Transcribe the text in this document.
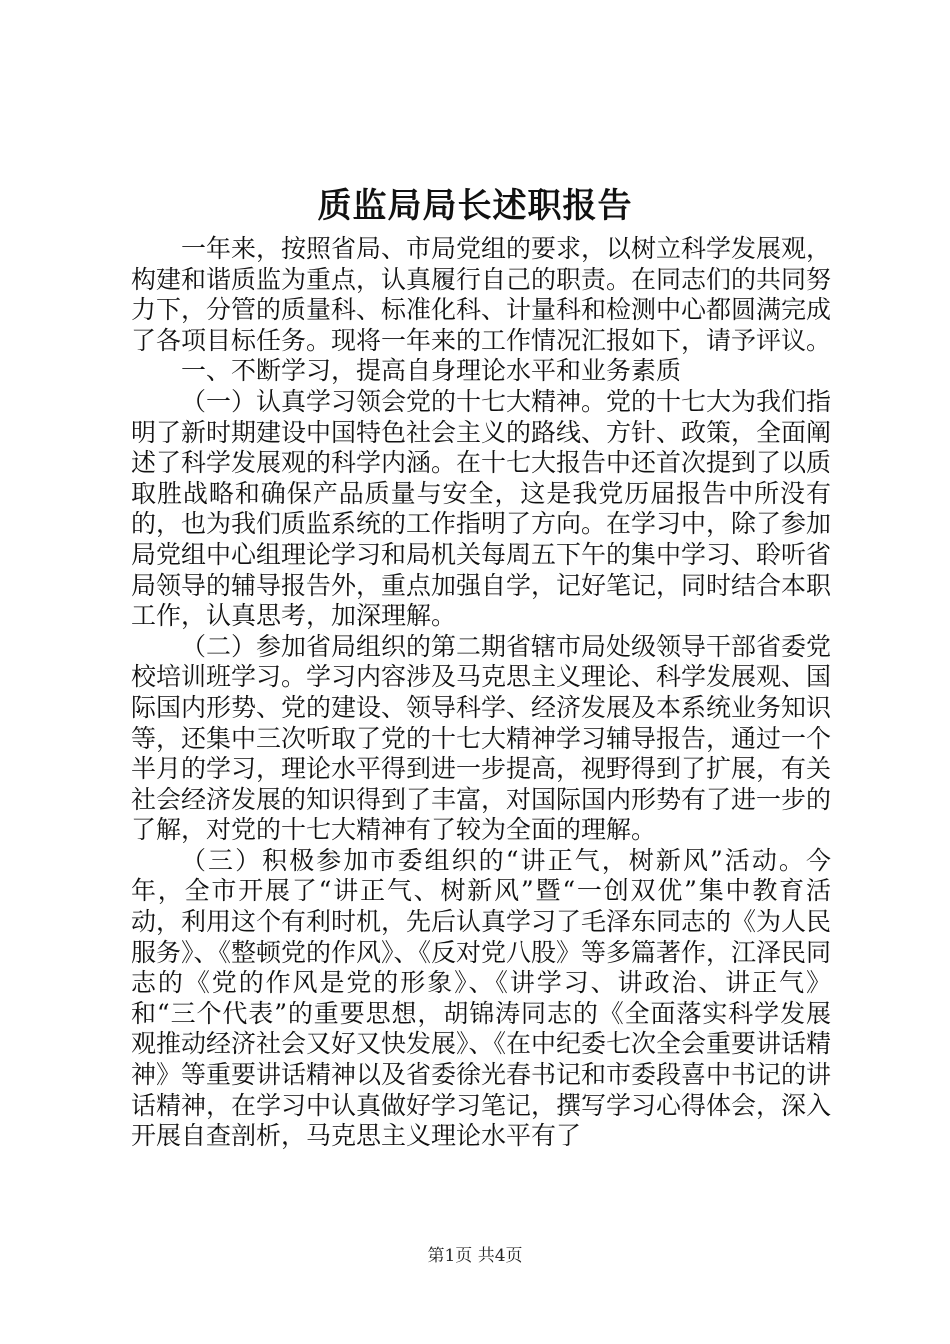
质监局局长述职报告

一年来，按照省局、市局党组的要求，以树立科学发展观，构建和谐质监为重点，认真履行自己的职责。在同志们的共同努力下，分管的质量科、标准化科、计量科和检测中心都圆满完成了各项目标任务。现将一年来的工作情况汇报如下，请予评议。

一、不断学习，提高自身理论水平和业务素质

（一）认真学习领会党的十七大精神。党的十七大为我们指明了新时期建设中国特色社会主义的路线、方针、政策，全面阐述了科学发展观的科学内涵。在十七大报告中还首次提到了以质取胜战略和确保产品质量与安全，这是我党历届报告中所没有的，也为我们质监系统的工作指明了方向。在学习中，除了参加局党组中心组理论学习和局机关每周五下午的集中学习、聆听省局领导的辅导报告外，重点加强自学，记好笔记，同时结合本职工作，认真思考，加深理解。

（二）参加省局组织的第二期省辖市局处级领导干部省委党校培训班学习。学习内容涉及马克思主义理论、科学发展观、国际国内形势、党的建设、领导科学、经济发展及本系统业务知识等，还集中三次听取了党的十七大精神学习辅导报告，通过一个半月的学习，理论水平得到进一步提高，视野得到了扩展，有关社会经济发展的知识得到了丰富，对国际国内形势有了进一步的了解，对党的十七大精神有了较为全面的理解。

（三）积极参加市委组织的“讲正气，树新风”活动。今年，全市开展了“讲正气、树新风”暨“一创双优”集中教育活动，利用这个有利时机，先后认真学习了毛泽东同志的《为人民服务》、《整顿党的作风》、《反对党八股》等多篇著作，江泽民同志的《党的作风是党的形象》、《讲学习、讲政治、讲正气》和“三个代表”的重要思想，胡锦涛同志的《全面落实科学发展观推动经济社会又好又快发展》、《在中纪委七次全会重要讲话精神》等重要讲话精神以及省委徐光春书记和市委段喜中书记的讲话精神，在学习中认真做好学习笔记，撰写学习心得体会，深入开展自查剖析，马克思主义理论水平有了

第1页 共4页
